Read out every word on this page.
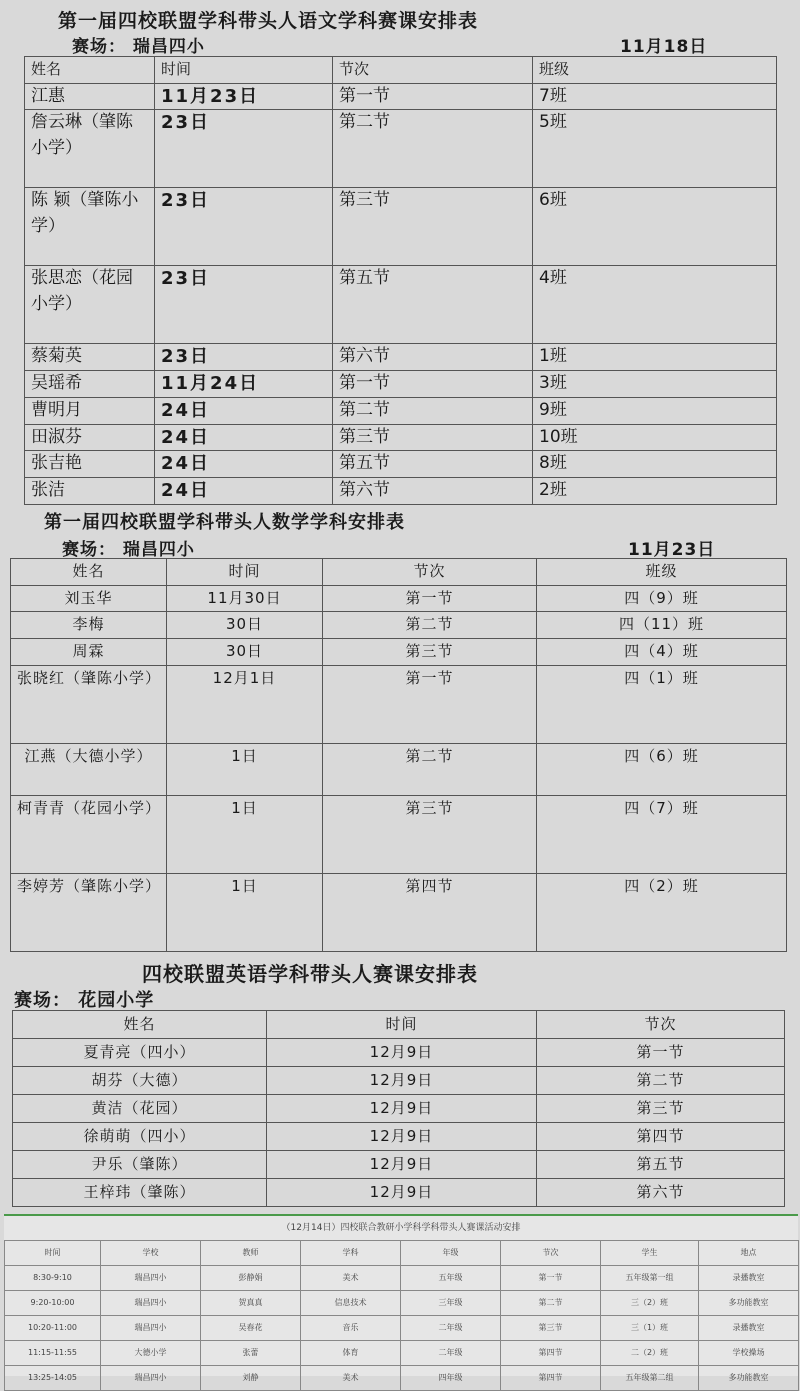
第一届四校联盟学科带头人语文学科赛课安排表
赛场： 瑞昌四小	11月18日
姓名	时间	节次	班级
江惠	11月23日	第一节	7班
詹云琳（肇陈小学）	23日	第二节	5班
陈 颖（肇陈小学）	23日	第三节	6班
张思恋（花园小学）	23日	第五节	4班
蔡菊英	23日	第六节	1班
吴瑶希	11月24日	第一节	3班
曹明月	24日	第二节	9班
田淑芬	24日	第三节	10班
张吉艳	24日	第五节	8班
张洁	24日	第六节	2班
第一届四校联盟学科带头人数学学科安排表
赛场： 瑞昌四小	11月23日
姓名	时间	节次	班级
刘玉华	11月30日	第一节	四（9）班
李梅	30日	第二节	四（11）班
周霖	30日	第三节	四（4）班
张晓红（肇陈小学）	12月1日	第一节	四（1）班
江燕（大德小学）	1日	第二节	四（6）班
柯青青（花园小学）	1日	第三节	四（7）班
李婷芳（肇陈小学）	1日	第四节	四（2）班
四校联盟英语学科带头人赛课安排表
赛场： 花园小学
姓名	时间	节次
夏青亮（四小）	12月9日	第一节
胡芬（大德）	12月9日	第二节
黄洁（花园）	12月9日	第三节
徐萌萌（四小）	12月9日	第四节
尹乐（肇陈）	12月9日	第五节
王梓玮（肇陈）	12月9日	第六节
（12月14日）四校联合教研小学科学科带头人赛课活动安排
时间	学校	教师	学科	年级	节次	学生	地点
8:30-9:10	瑞昌四小	彭静娟	美术	五年级	第一节	五年级第一组	录播教室
9:20-10:00	瑞昌四小	贺真真	信息技术	三年级	第二节	三（2）班	多功能教室
10:20-11:00	瑞昌四小	吴春花	音乐	二年级	第三节	三（1）班	录播教室
11:15-11:55	大德小学	张蕾	体育	二年级	第四节	二（2）班	学校操场
13:25-14:05	瑞昌四小	刘静	美术	四年级	第四节	五年级第二组	多功能教室
